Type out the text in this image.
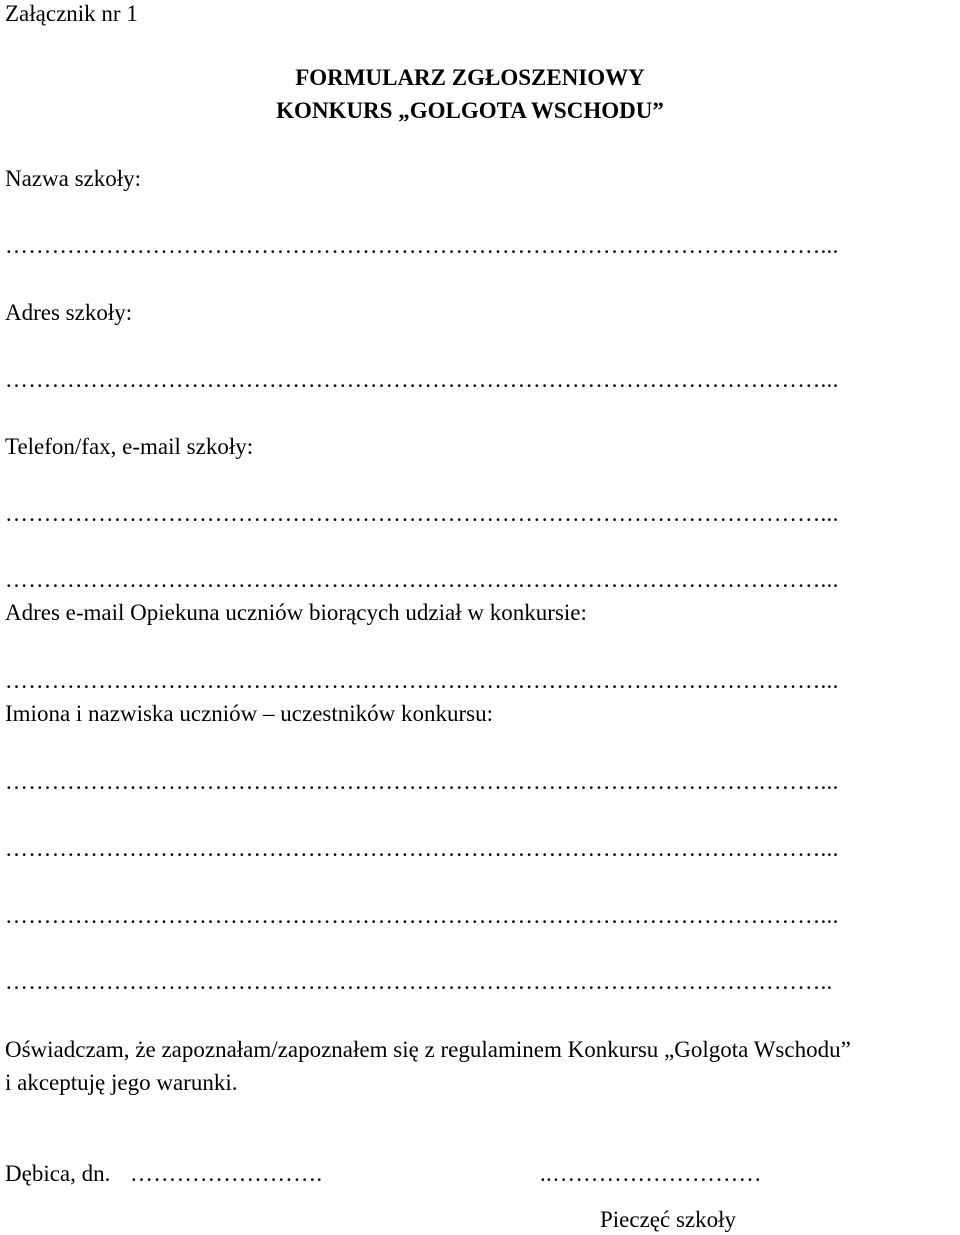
Załącznik nr 1
FORMULARZ ZGŁOSZENIOWY
KONKURS „GOLGOTA WSCHODU”
Nazwa szkoły:
……………………………………………………………………………………………...
Adres szkoły:
……………………………………………………………………………………………...
Telefon/fax, e-mail szkoły:
……………………………………………………………………………………………...
……………………………………………………………………………………………...
Adres e-mail Opiekuna uczniów biorących udział w konkursie:
……………………………………………………………………………………………...
Imiona i nazwiska uczniów – uczestników konkursu:
……………………………………………………………………………………………...
……………………………………………………………………………………………...
……………………………………………………………………………………………...
……………………………………………………………………………………………..
Oświadczam, że zapoznałam/zapoznałem się z regulaminem Konkursu „Golgota Wschodu”
i akceptuję jego warunki.
Dębica, dn. …………………….	..………………………
Pieczęć szkoły
